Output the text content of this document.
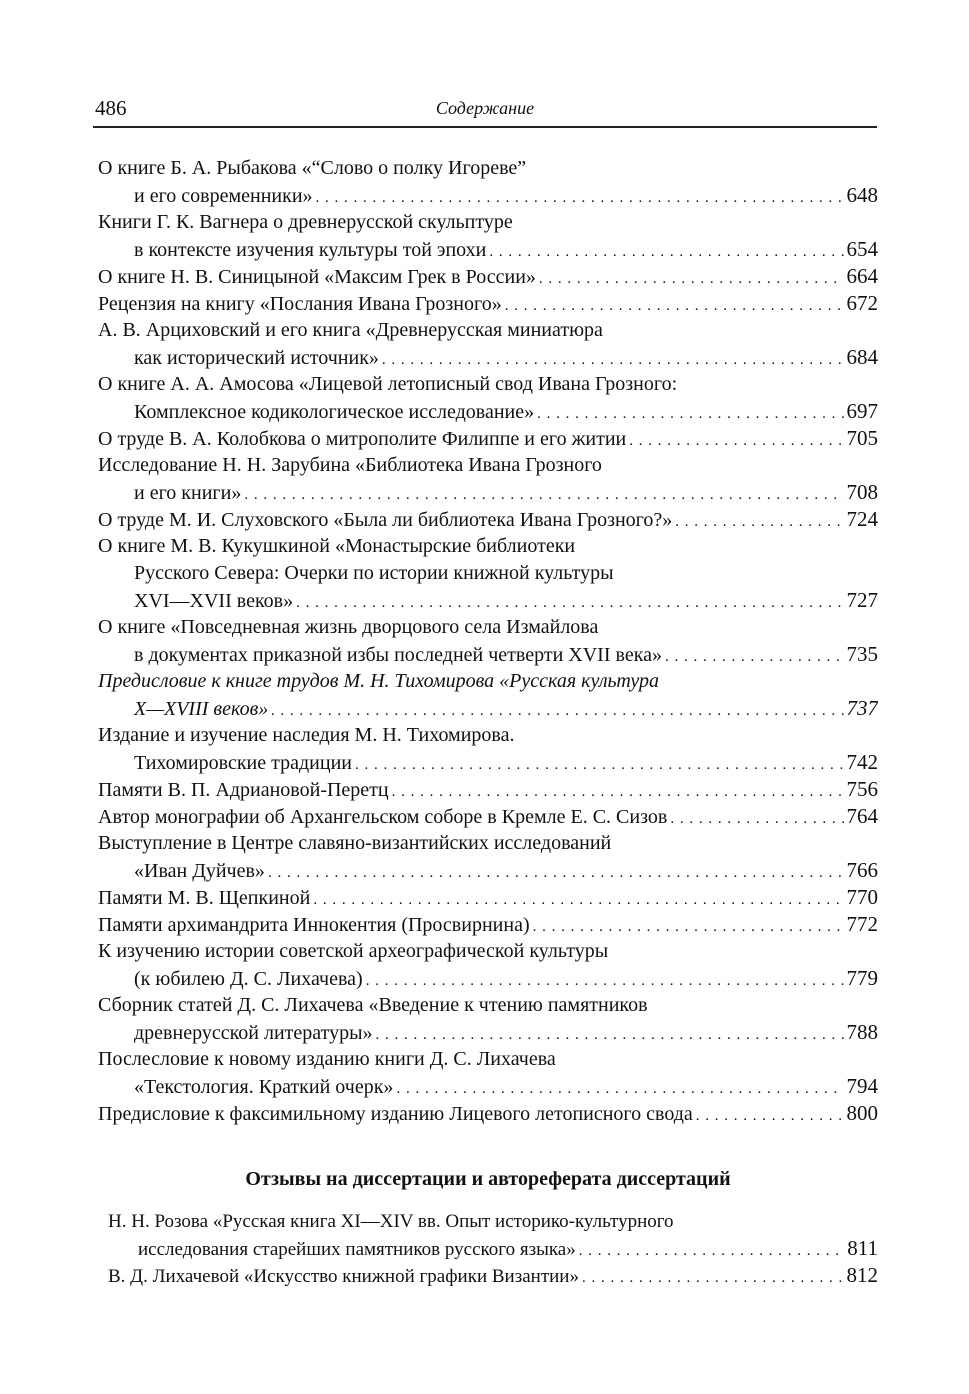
486	Содержание
О книге Б. А. Рыбакова «“Слово о полку Игореве”
и его современники» . . .	648
Книги Г. К. Вагнера о древнерусской скульптуре
в контексте изучения культуры той эпохи . . .	654
О книге Н. В. Синицыной «Максим Грек в России» . . .	664
Рецензия на книгу «Послания Ивана Грозного» . . .	672
А. В. Арциховский и его книга «Древнерусская миниатюра
как исторический источник» . . .	684
О книге А. А. Амосова «Лицевой летописный свод Ивана Грозного:
Комплексное кодикологическое исследование» . . .	697
О труде В. А. Колобкова о митрополите Филиппе и его житии . . .	705
Исследование Н. Н. Зарубина «Библиотека Ивана Грозного
и его книги» . . .	708
О труде М. И. Слуховского «Была ли библиотека Ивана Грозного?» . . .	724
О книге М. В. Кукушкиной «Монастырские библиотеки
Русского Севера: Очерки по истории книжной культуры
XVI—XVII веков» . . .	727
О книге «Повседневная жизнь дворцового села Измайлова
в документах приказной избы последней четверти XVII века» . . .	735
Предисловие к книге трудов М. Н. Тихомирова «Русская культура
X—XVIII веков» . . .	737
Издание и изучение наследия М. Н. Тихомирова.
Тихомировские традиции . . .	742
Памяти В. П. Адриановой-Перетц . . .	756
Автор монографии об Архангельском соборе в Кремле Е. С. Сизов . . .	764
Выступление в Центре славяно-византийских исследований
«Иван Дуйчев» . . .	766
Памяти М. В. Щепкиной . . .	770
Памяти архимандрита Иннокентия (Просвирнина) . . .	772
К изучению истории советской археографической культуры
(к юбилею Д. С. Лихачева) . . .	779
Сборник статей Д. С. Лихачева «Введение к чтению памятников
древнерусской литературы» . . .	788
Послесловие к новому изданию книги Д. С. Лихачева
«Текстология. Краткий очерк» . . .	794
Предисловие к факсимильному изданию Лицевого летописного свода . . .	800
Отзывы на диссертации и автореферата диссертаций
Н. Н. Розова «Русская книга XI—XIV вв. Опыт историко-культурного
исследования старейших памятников русского языка» . . .	811
В. Д. Лихачевой «Искусство книжной графики Византии» . . .	812
